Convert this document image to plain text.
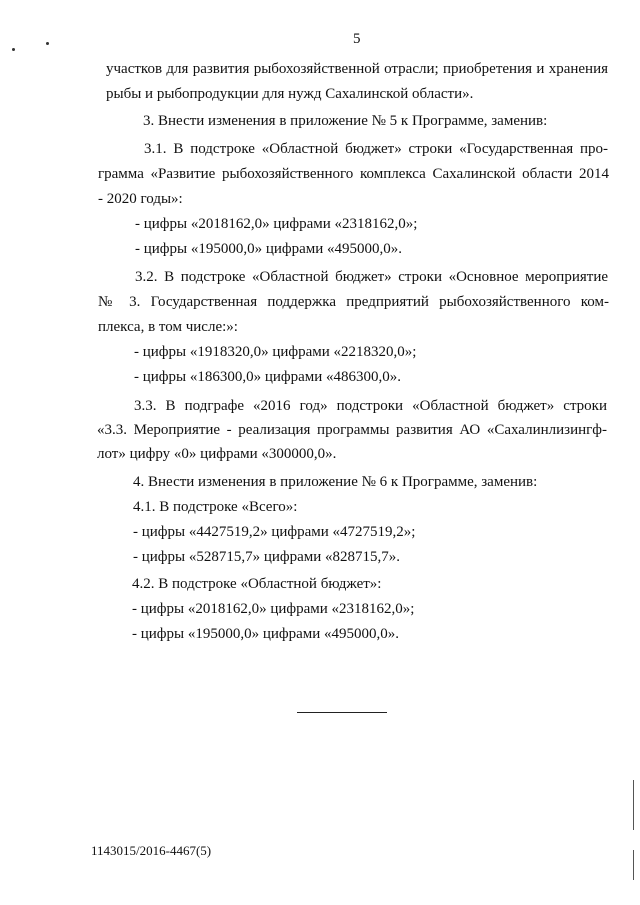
5
участков для развития рыбохозяйственной отрасли; приобретения и хранения
рыбы и рыбопродукции для нужд Сахалинской области».
3. Внести изменения в приложение № 5 к Программе, заменив:
3.1. В подстроке «Областной бюджет» строки «Государственная про-
грамма «Развитие рыбохозяйственного комплекса Сахалинской области 2014
- 2020 годы»:
- цифры «2018162,0» цифрами «2318162,0»;
- цифры «195000,0» цифрами «495000,0».
3.2. В подстроке «Областной бюджет» строки «Основное мероприятие
№ 3. Государственная поддержка предприятий рыбохозяйственного ком-
плекса, в том числе:»:
- цифры «1918320,0» цифрами «2218320,0»;
- цифры «186300,0» цифрами «486300,0».
3.3. В подграфе «2016 год» подстроки «Областной бюджет» строки
«3.3. Мероприятие - реализация программы развития АО «Сахалинлизингф-
лот» цифру «0» цифрами «300000,0».
4. Внести изменения в приложение № 6 к Программе, заменив:
4.1. В подстроке «Всего»:
- цифры «4427519,2» цифрами «4727519,2»;
- цифры «528715,7» цифрами «828715,7».
4.2. В подстроке «Областной бюджет»:
- цифры «2018162,0» цифрами «2318162,0»;
- цифры «195000,0» цифрами «495000,0».
1143015/2016-4467(5)
